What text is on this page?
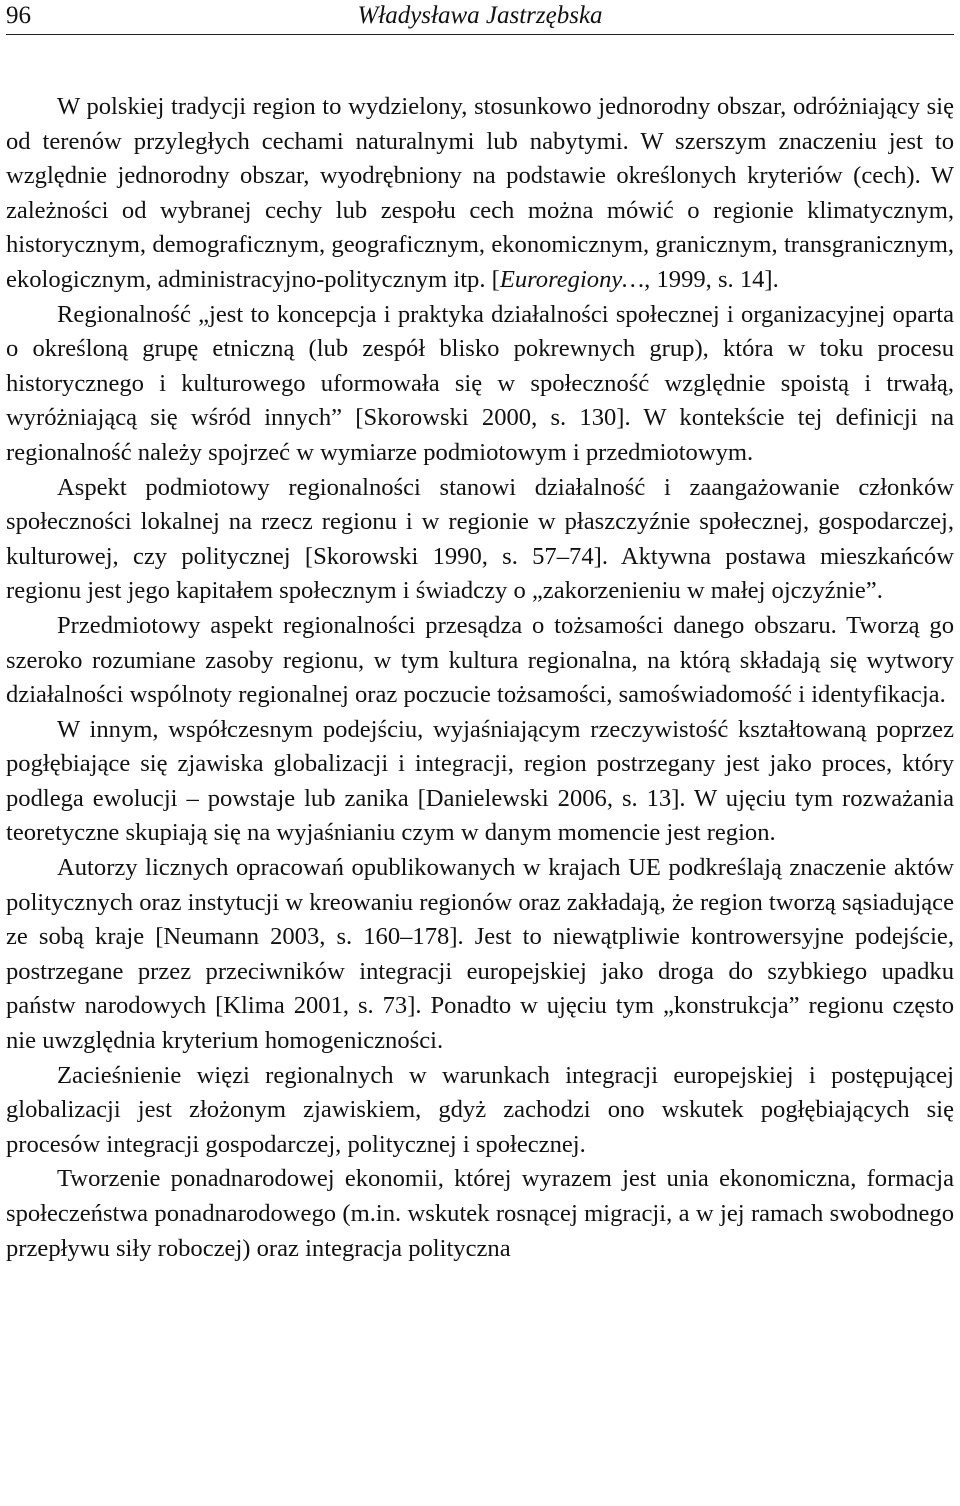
96	Władysława Jastrzębska

W polskiej tradycji region to wydzielony, stosunkowo jednorodny obszar, odróżniający się od terenów przyległych cechami naturalnymi lub nabytymi. W szerszym znaczeniu jest to względnie jednorodny obszar, wyodrębniony na podstawie określonych kryteriów (cech). W zależności od wybranej cechy lub zespołu cech można mówić o regionie klimatycznym, historycznym, demograficznym, geograficznym, ekonomicznym, granicznym, transgranicznym, ekologicznym, administracyjno-politycznym itp. [Euroregiony…, 1999, s. 14].

Regionalność „jest to koncepcja i praktyka działalności społecznej i organizacyjnej oparta o określoną grupę etniczną (lub zespół blisko pokrewnych grup), która w toku procesu historycznego i kulturowego uformowała się w społeczność względnie spoistą i trwałą, wyróżniającą się wśród innych” [Skorowski 2000, s. 130]. W kontekście tej definicji na regionalność należy spojrzeć w wymiarze podmiotowym i przedmiotowym.

Aspekt podmiotowy regionalności stanowi działalność i zaangażowanie członków społeczności lokalnej na rzecz regionu i w regionie w płaszczyźnie społecznej, gospodarczej, kulturowej, czy politycznej [Skorowski 1990, s. 57–74]. Aktywna postawa mieszkańców regionu jest jego kapitałem społecznym i świadczy o „zakorzenieniu w małej ojczyźnie”.

Przedmiotowy aspekt regionalności przesądza o tożsamości danego obszaru. Tworzą go szeroko rozumiane zasoby regionu, w tym kultura regionalna, na którą składają się wytwory działalności wspólnoty regionalnej oraz poczucie tożsamości, samoświadomość i identyfikacja.

W innym, współczesnym podejściu, wyjaśniającym rzeczywistość kształtowaną poprzez pogłębiające się zjawiska globalizacji i integracji, region postrzegany jest jako proces, który podlega ewolucji – powstaje lub zanika [Danielewski 2006, s. 13]. W ujęciu tym rozważania teoretyczne skupiają się na wyjaśnianiu czym w danym momencie jest region.

Autorzy licznych opracowań opublikowanych w krajach UE podkreślają znaczenie aktów politycznych oraz instytucji w kreowaniu regionów oraz zakładają, że region tworzą sąsiadujące ze sobą kraje [Neumann 2003, s. 160–178]. Jest to niewątpliwie kontrowersyjne podejście, postrzegane przez przeciwników integracji europejskiej jako droga do szybkiego upadku państw narodowych [Klima 2001, s. 73]. Ponadto w ujęciu tym „konstrukcja” regionu często nie uwzględnia kryterium homogeniczności.

Zacieśnienie więzi regionalnych w warunkach integracji europejskiej i postępującej globalizacji jest złożonym zjawiskiem, gdyż zachodzi ono wskutek pogłębiających się procesów integracji gospodarczej, politycznej i społecznej.

Tworzenie ponadnarodowej ekonomii, której wyrazem jest unia ekonomiczna, formacja społeczeństwa ponadnarodowego (m.in. wskutek rosnącej migracji, a w jej ramach swobodnego przepływu siły roboczej) oraz integracja polityczna
